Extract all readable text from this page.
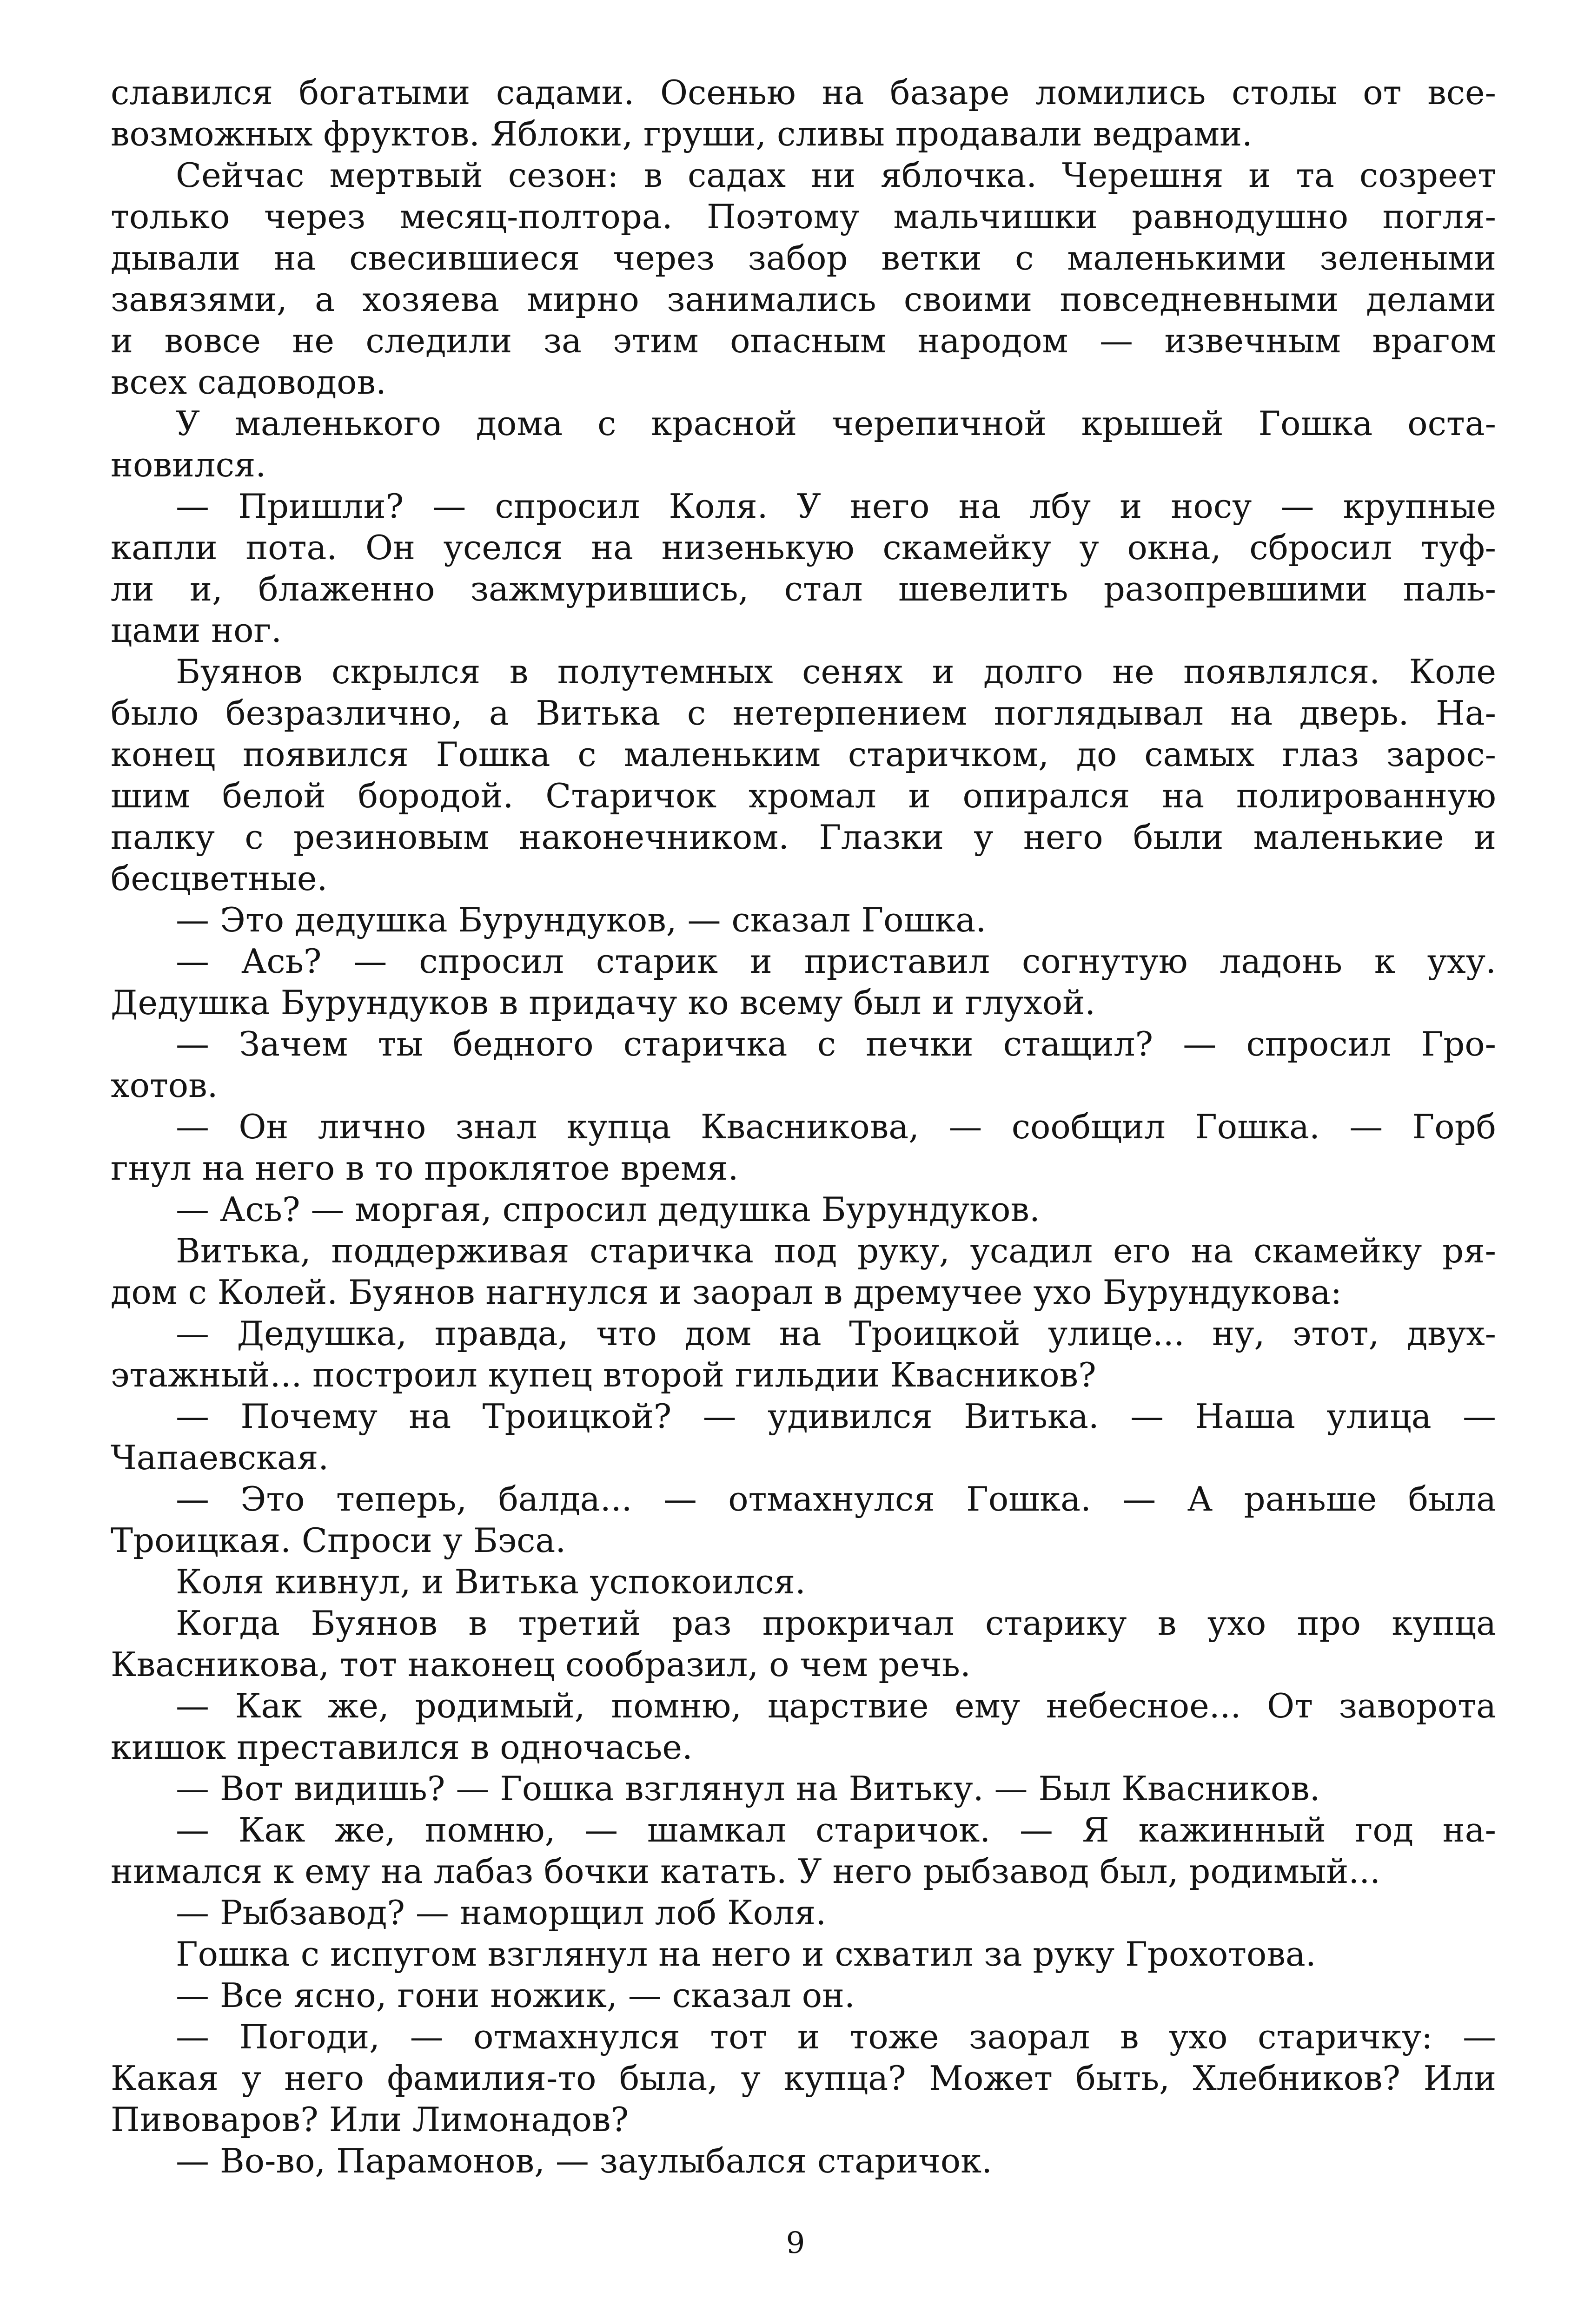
славился богатыми садами. Осенью на базаре ломились столы от все-
возможных фруктов. Яблоки, груши, сливы продавали ведрами.
Сейчас мертвый сезон: в садах ни яблочка. Черешня и та созреет
только через месяц-полтора. Поэтому мальчишки равнодушно погля-
дывали на свесившиеся через забор ветки с маленькими зелеными
завязями, а хозяева мирно занимались своими повседневными делами
и вовсе не следили за этим опасным народом — извечным врагом
всех садоводов.
У маленького дома с красной черепичной крышей Гошка оста-
новился.
— Пришли? — спросил Коля. У него на лбу и носу — крупные
капли пота. Он уселся на низенькую скамейку у окна, сбросил туф-
ли и, блаженно зажмурившись, стал шевелить разопревшими паль-
цами ног.
Буянов скрылся в полутемных сенях и долго не появлялся. Коле
было безразлично, а Витька с нетерпением поглядывал на дверь. На-
конец появился Гошка с маленьким старичком, до самых глаз зарос-
шим белой бородой. Старичок хромал и опирался на полированную
палку с резиновым наконечником. Глазки у него были маленькие и
бесцветные.
— Это дедушка Бурундуков, — сказал Гошка.
— Ась? — спросил старик и приставил согнутую ладонь к уху.
Дедушка Бурундуков в придачу ко всему был и глухой.
— Зачем ты бедного старичка с печки стащил? — спросил Гро-
хотов.
— Он лично знал купца Квасникова, — сообщил Гошка. — Горб
гнул на него в то проклятое время.
— Ась? — моргая, спросил дедушка Бурундуков.
Витька, поддерживая старичка под руку, усадил его на скамейку ря-
дом с Колей. Буянов нагнулся и заорал в дремучее ухо Бурундукова:
— Дедушка, правда, что дом на Троицкой улице... ну, этот, двух-
этажный... построил купец второй гильдии Квасников?
— Почему на Троицкой? — удивился Витька. — Наша улица —
Чапаевская.
— Это теперь, балда... — отмахнулся Гошка. — А раньше была
Троицкая. Спроси у Бэса.
Коля кивнул, и Витька успокоился.
Когда Буянов в третий раз прокричал старику в ухо про купца
Квасникова, тот наконец сообразил, о чем речь.
— Как же, родимый, помню, царствие ему небесное... От заворота
кишок преставился в одночасье.
— Вот видишь? — Гошка взглянул на Витьку. — Был Квасников.
— Как же, помню, — шамкал старичок. — Я кажинный год на-
нимался к ему на лабаз бочки катать. У него рыбзавод был, родимый...
— Рыбзавод? — наморщил лоб Коля.
Гошка с испугом взглянул на него и схватил за руку Грохотова.
— Все ясно, гони ножик, — сказал он.
— Погоди, — отмахнулся тот и тоже заорал в ухо старичку: —
Какая у него фамилия-то была, у купца? Может быть, Хлебников? Или
Пивоваров? Или Лимонадов?
— Во-во, Парамонов, — заулыбался старичок.
9
